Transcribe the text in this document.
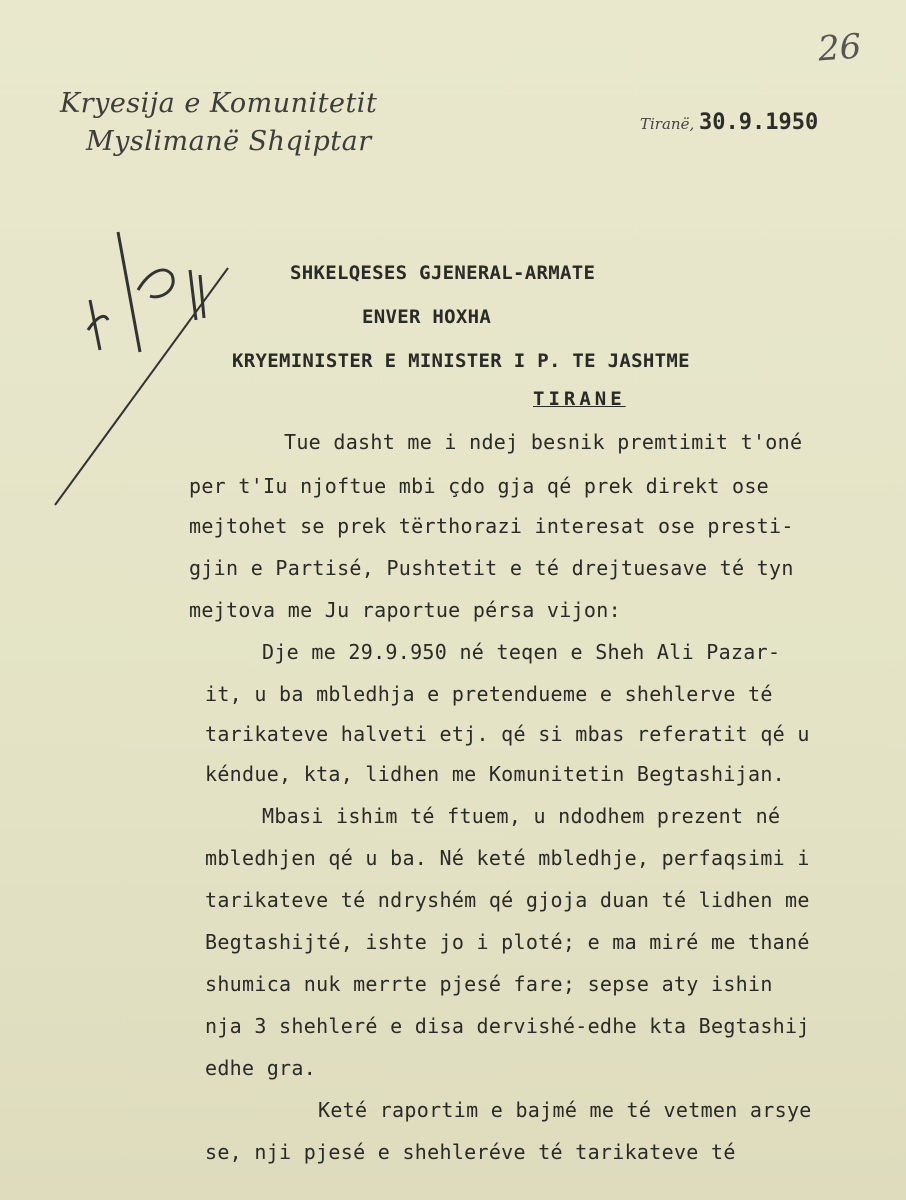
26
Kryesija e Komunitetit
Myslimanë Shqiptar
Tiranë, 30.9.1950
n. Jza
SHKELQESES GJENERAL-ARMATE
ENVER HOXHA
KRYEMINISTER E MINISTER I P. TE JASHTME
TIRANE
Tue dasht me i ndej besnik premtimit t'oné
per t'Iu njoftue mbi çdo gja qé prek direkt ose
mejtohet se prek tërthorazi interesat ose presti-
gjin e Partisé, Pushtetit e té drejtuesave té tyn
mejtova me Ju raportue pérsa vijon:
Dje me 29.9.950 né teqen e Sheh Ali Pazar-
it, u ba mbledhja e pretendueme e shehlerve té
tarikateve halveti etj. qé si mbas referatit qé u
kéndue, kta, lidhen me Komunitetin Begtashijan.
Mbasi ishim té ftuem, u ndodhem prezent né
mbledhjen qé u ba. Né keté mbledhje, perfaqsimi i
tarikateve té ndryshém qé gjoja duan té lidhen me
Begtashijté, ishte jo i ploté; e ma miré me thané
shumica nuk merrte pjesé fare; sepse aty ishin
nja 3 shehleré e disa dervishé-edhe kta Begtashij
edhe gra.
Keté raportim e bajmé me té vetmen arsye
se, nji pjesé e shehleréve té tarikateve té
